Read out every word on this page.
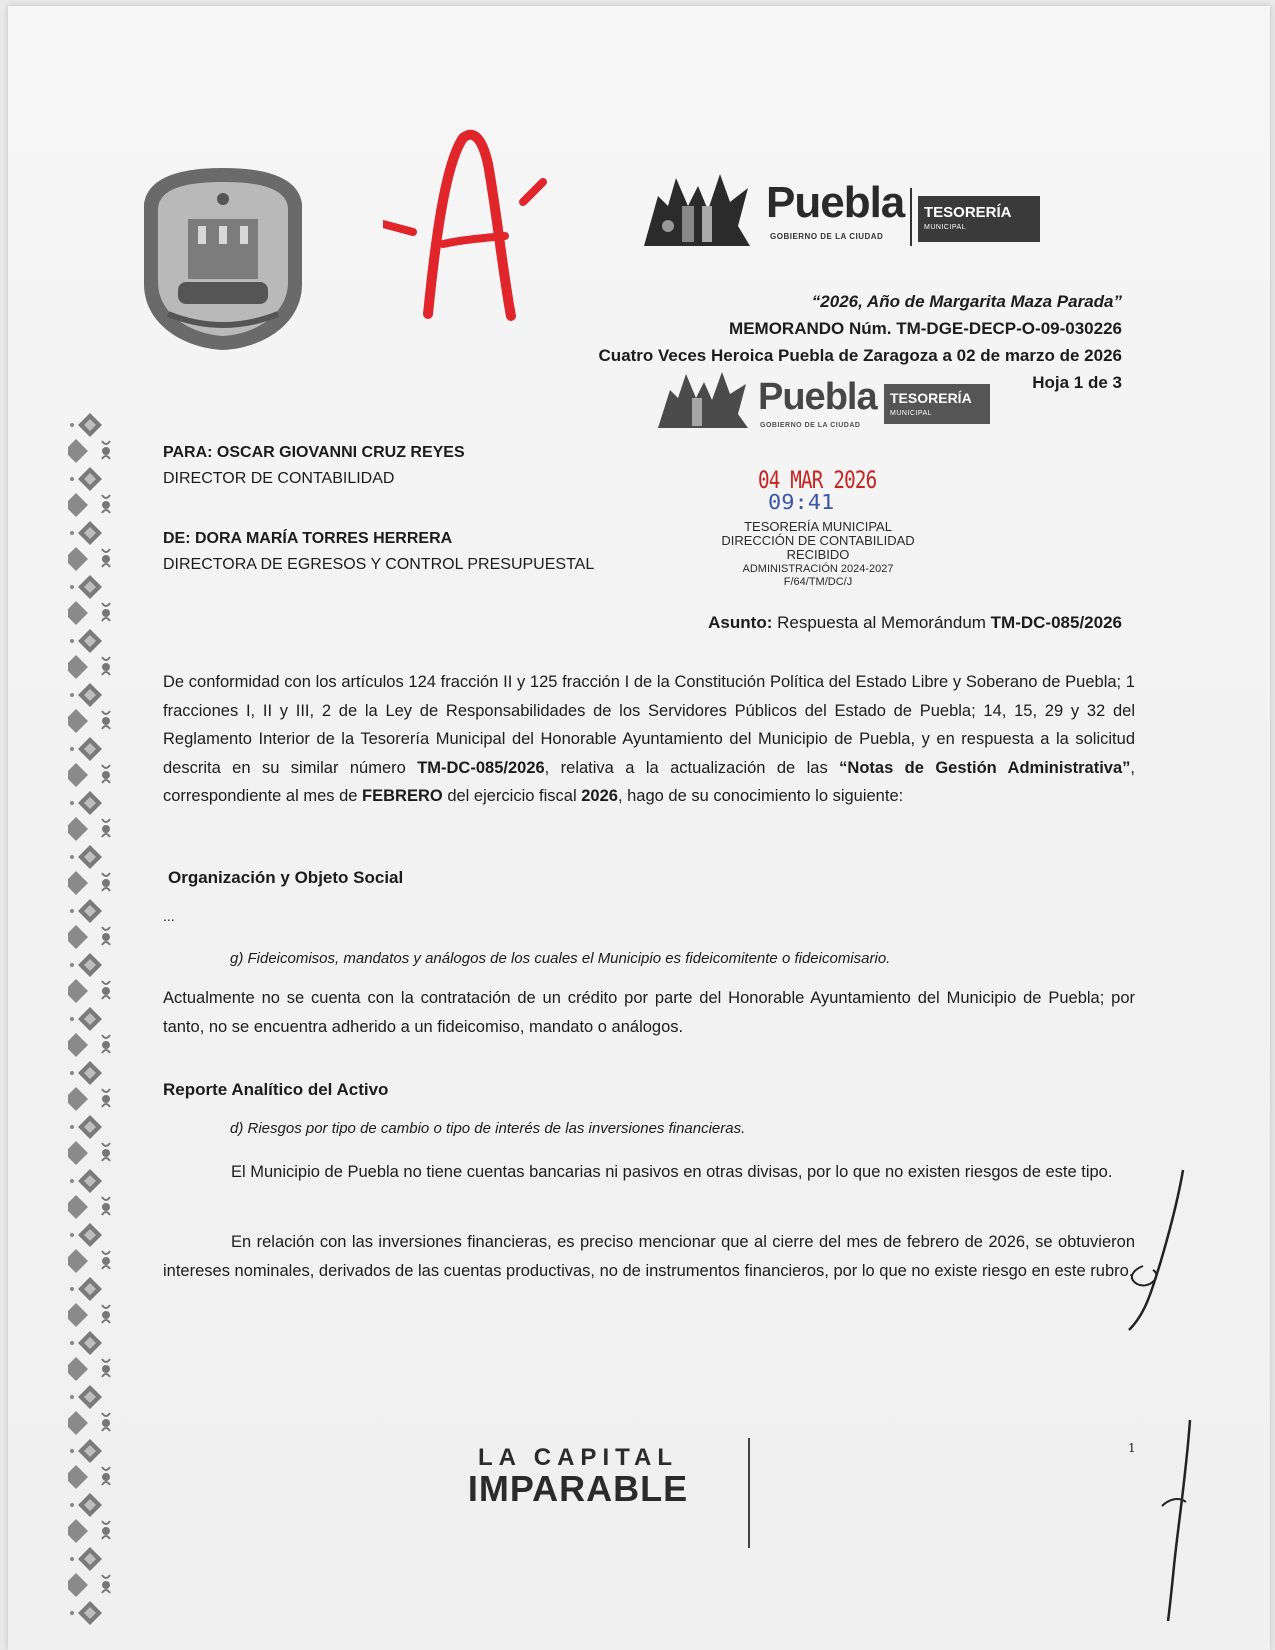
Puebla
GOBIERNO DE LA CIUDAD
TESORERÍA
MUNICIPAL
“2026, Año de Margarita Maza Parada”
MEMORANDO Núm. TM-DGE-DECP-O-09-030226
Cuatro Veces Heroica Puebla de Zaragoza a 02 de marzo de 2026
Hoja 1 de 3
Puebla
GOBIERNO DE LA CIUDAD
TESORERÍA
MUNICIPAL
04 MAR 2026
09:41
TESORERÍA MUNICIPAL
DIRECCIÓN DE CONTABILIDAD
RECIBIDO
ADMINISTRACIÓN 2024-2027
F/64/TM/DC/J
PARA: OSCAR GIOVANNI CRUZ REYES
DIRECTOR DE CONTABILIDAD
DE: DORA MARÍA TORRES HERRERA
DIRECTORA DE EGRESOS Y CONTROL PRESUPUESTAL
Asunto: Respuesta al Memorándum TM-DC-085/2026
De conformidad con los artículos 124 fracción II y 125 fracción I de la Constitución Política del Estado Libre y Soberano de Puebla; 1 fracciones I, II y III, 2 de la Ley de Responsabilidades de los Servidores Públicos del Estado de Puebla; 14, 15, 29 y 32 del Reglamento Interior de la Tesorería Municipal del Honorable Ayuntamiento del Municipio de Puebla, y en respuesta a la solicitud descrita en su similar número TM-DC-085/2026, relativa a la actualización de las “Notas de Gestión Administrativa”, correspondiente al mes de FEBRERO del ejercicio fiscal 2026, hago de su conocimiento lo siguiente:
Organización y Objeto Social
...
g) Fideicomisos, mandatos y análogos de los cuales el Municipio es fideicomitente o fideicomisario.
Actualmente no se cuenta con la contratación de un crédito por parte del Honorable Ayuntamiento del Municipio de Puebla; por tanto, no se encuentra adherido a un fideicomiso, mandato o análogos.
Reporte Analítico del Activo
d) Riesgos por tipo de cambio o tipo de interés de las inversiones financieras.
El Municipio de Puebla no tiene cuentas bancarias ni pasivos en otras divisas, por lo que no existen riesgos de este tipo.
En relación con las inversiones financieras, es preciso mencionar que al cierre del mes de febrero de 2026, se obtuvieron intereses nominales, derivados de las cuentas productivas, no de instrumentos financieros, por lo que no existe riesgo en este rubro.
LA CAPITAL
IMPARABLE
1
